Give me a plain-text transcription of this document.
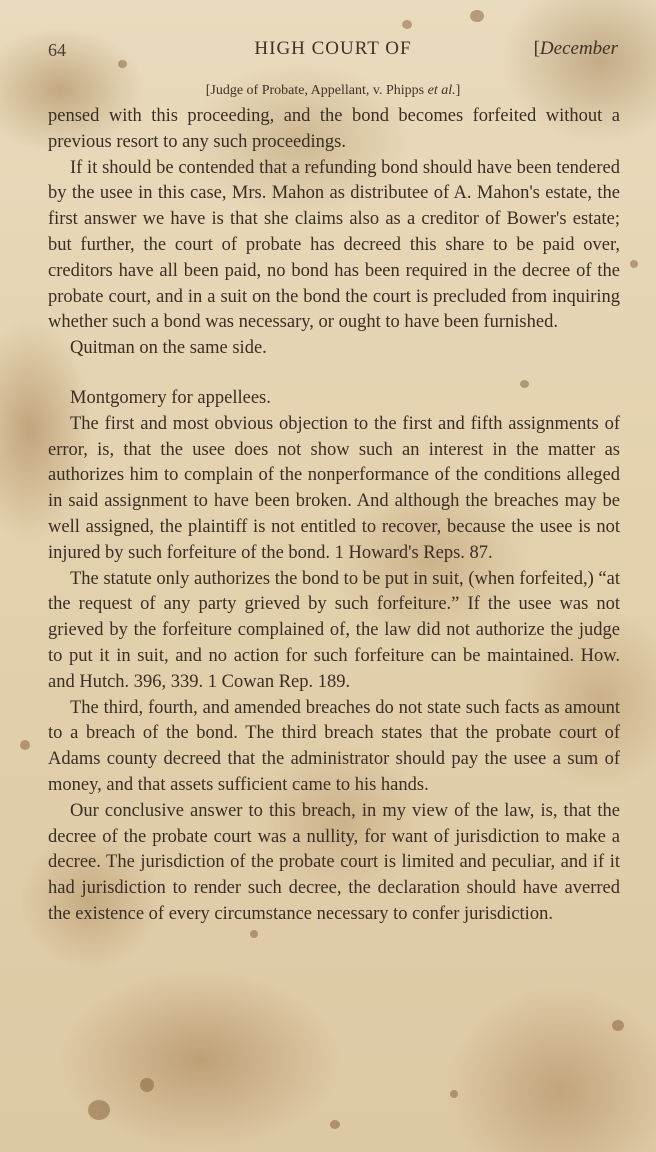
64	HIGH COURT OF	[December
[Judge of Probate, Appellant, v. Phipps et al.]

pensed with this proceeding, and the bond becomes forfeited without a previous resort to any such proceedings.

If it should be contended that a refunding bond should have been tendered by the usee in this case, Mrs. Mahon as distributee of A. Mahon's estate, the first answer we have is that she claims also as a creditor of Bower's estate; but further, the court of probate has decreed this share to be paid over, creditors have all been paid, no bond has been required in the decree of the probate court, and in a suit on the bond the court is precluded from inquiring whether such a bond was necessary, or ought to have been furnished.

Quitman on the same side.

Montgomery for appellees.

The first and most obvious objection to the first and fifth assignments of error, is, that the usee does not show such an interest in the matter as authorizes him to complain of the nonperformance of the conditions alleged in said assignment to have been broken. And although the breaches may be well assigned, the plaintiff is not entitled to recover, because the usee is not injured by such forfeiture of the bond. 1 Howard's Reps. 87.

The statute only authorizes the bond to be put in suit, (when forfeited,) “at the request of any party grieved by such forfeiture.” If the usee was not grieved by the forfeiture complained of, the law did not authorize the judge to put it in suit, and no action for such forfeiture can be maintained. How. and Hutch. 396, 339. 1 Cowan Rep. 189.

The third, fourth, and amended breaches do not state such facts as amount to a breach of the bond. The third breach states that the probate court of Adams county decreed that the administrator should pay the usee a sum of money, and that assets sufficient came to his hands.

Our conclusive answer to this breach, in my view of the law, is, that the decree of the probate court was a nullity, for want of jurisdiction to make a decree. The jurisdiction of the probate court is limited and peculiar, and if it had jurisdiction to render such decree, the declaration should have averred the existence of every circumstance necessary to confer jurisdiction.
